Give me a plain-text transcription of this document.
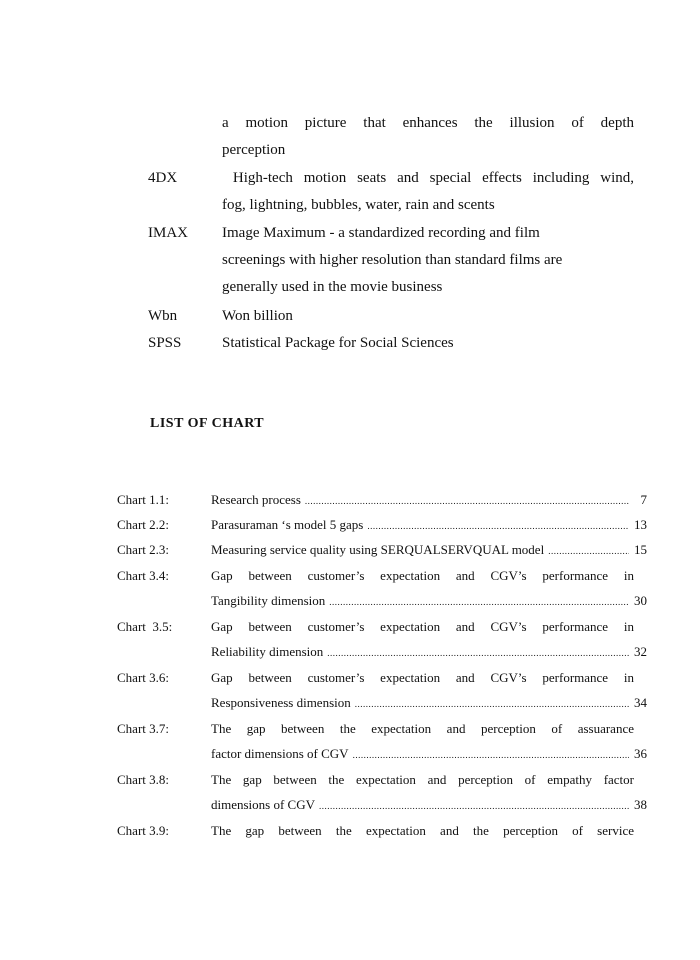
a motion picture that enhances the illusion of depth
perception
4DX	High-tech motion seats and special effects including wind,
fog, lightning, bubbles, water, rain and scents
IMAX Image Maximum - a standardized recording and film
screenings with higher resolution than standard films are
generally used in the movie business
Wbn	Won billion
SPSS	Statistical Package for Social Sciences
LIST OF CHART
Chart 1.1:	Research process .....	7
Chart 2.2:	Parasuraman ‘s model 5 gaps .....	13
Chart 2.3:	Measuring service quality using SERQUALSERVQUAL model .....	15
Chart 3.4:	Gap between customer’s expectation and CGV’s performance in
Tangibility dimension .....	30
Chart  3.5:	Gap between customer’s expectation and CGV’s performance in
Reliability dimension .....	32
Chart 3.6:	Gap between customer’s expectation and CGV’s performance in
Responsiveness dimension .....	34
Chart 3.7:	The gap between the expectation and perception of assuarance
factor dimensions of CGV .....	36
Chart 3.8:	The gap between the expectation and perception of empathy factor
dimensions of CGV .....	38
Chart 3.9:	The gap between the expectation and the perception of service
